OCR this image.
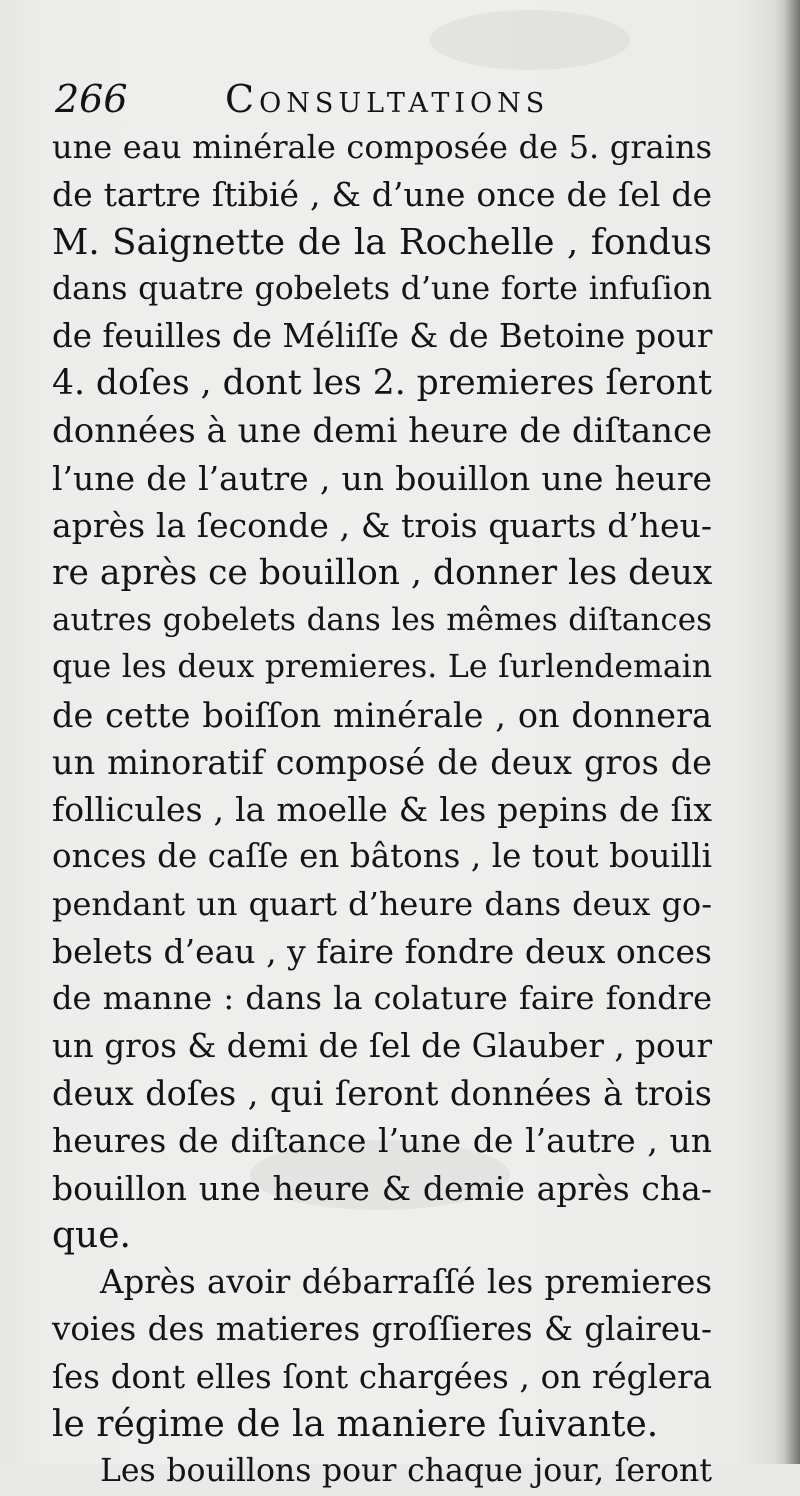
266	Consultations
une eau minérale composée de 5. grains
de tartre ſtibié , & d’une once de ſel de
M. Saignette de la Rochelle , fondus
dans quatre gobelets d’une forte infuſion
de feuilles de Méliſſe & de Betoine pour
4. doſes , dont les 2. premieres ſeront
données à une demi heure de diſtance
l’une de l’autre , un bouillon une heure
après la ſeconde , & trois quarts d’heu-
re après ce bouillon , donner les deux
autres gobelets dans les mêmes diſtances
que les deux premieres. Le ſurlendemain
de cette boiſſon minérale , on donnera
un minoratif composé de deux gros de
follicules , la moelle & les pepins de ſix
onces de caſſe en bâtons , le tout bouilli
pendant un quart d’heure dans deux go-
belets d’eau , y faire fondre deux onces
de manne : dans la colature faire fondre
un gros & demi de ſel de Glauber , pour
deux doſes , qui ſeront données à trois
heures de diſtance l’une de l’autre , un
bouillon une heure & demie après cha-
que.
Après avoir débarraſſé les premieres
voies des matieres groſſieres & glaireu-
ſes dont elles ſont chargées , on réglera
le régime de la maniere ſuivante.
Les bouillons pour chaque jour, ſeront
